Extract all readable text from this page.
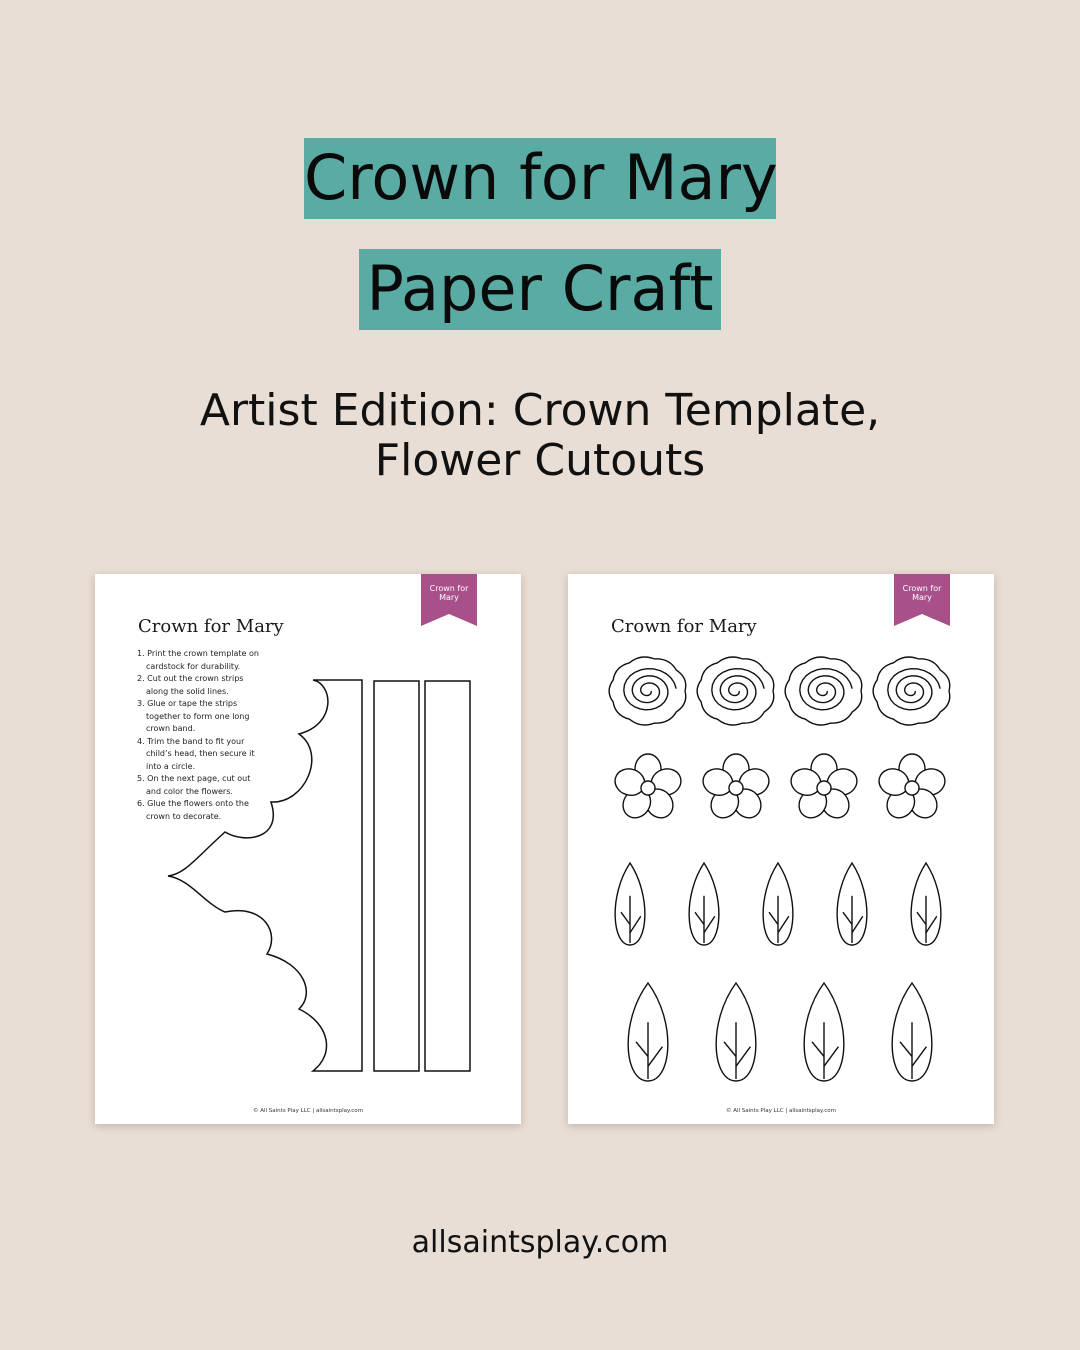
Crown for Mary
Paper Craft
Artist Edition: Crown Template,
Flower Cutouts
Crown for
Mary
Crown for Mary
1. Print the crown template on cardstock for durability.
2. Cut out the crown strips along the solid lines.
3. Glue or tape the strips together to form one long crown band.
4. Trim the band to fit your child’s head, then secure it into a circle.
5. On the next page, cut out and color the flowers.
6. Glue the flowers onto the crown to decorate.
© All Saints Play LLC | allsaintsplay.com
Crown for
Mary
Crown for Mary
© All Saints Play LLC | allsaintsplay.com
allsaintsplay.com
